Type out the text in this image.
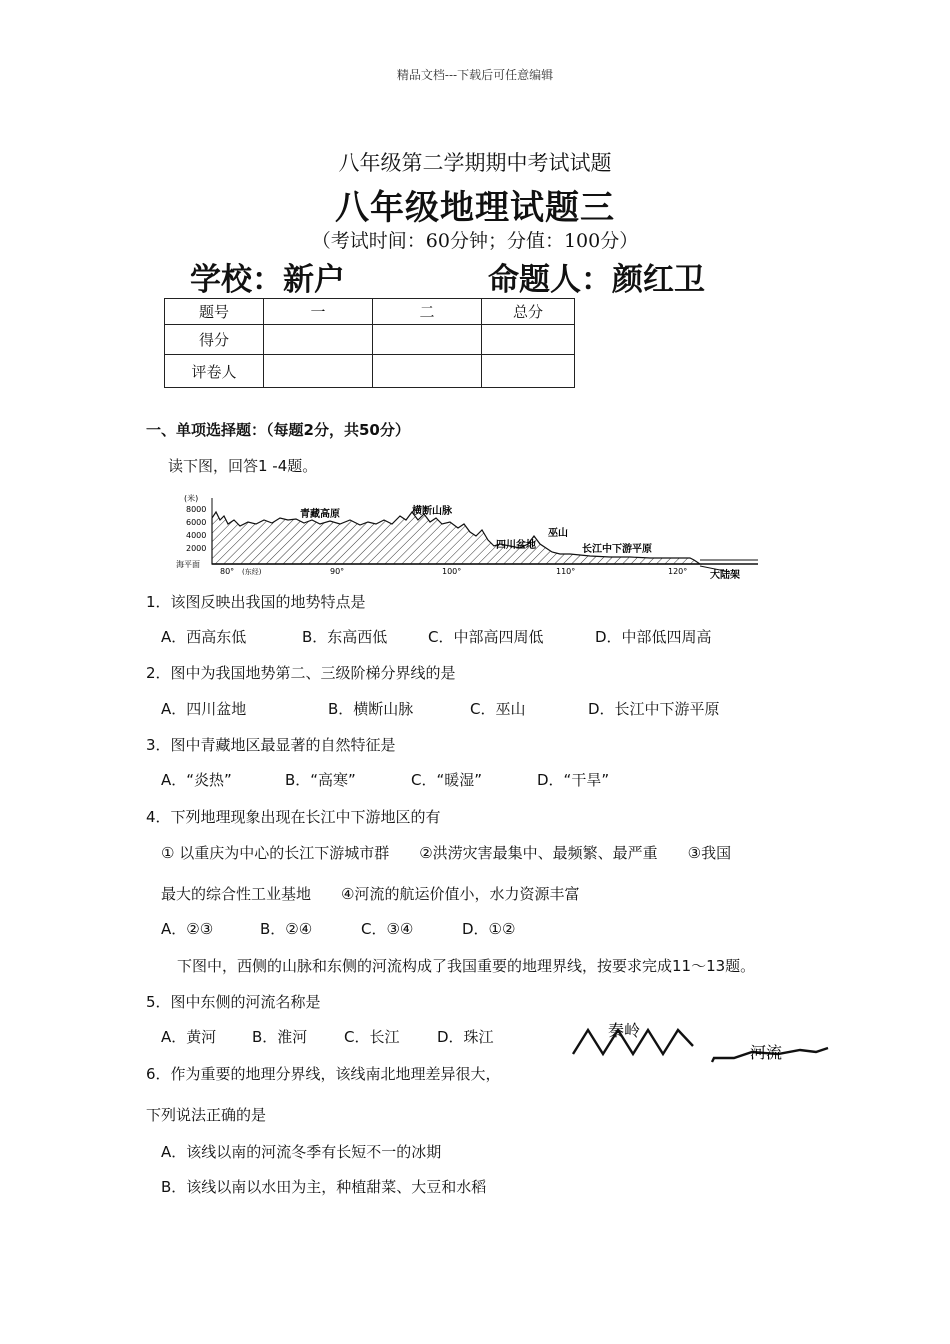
精品文档---下载后可任意编辑
八年级第二学期期中考试试题
八年级地理试题三
（考试时间：60分钟；分值：100分）
学校：新户	命题人：颜红卫
题号	一	二	总分
得分			
评卷人			
一、单项选择题：（每题2分，共50分）
读下图，回答1 -4题。
(米)
8000
6000
4000
2000
海平面
青藏高原	横断山脉
四川盆地
巫山
长江中下游平原
大陆架
80° (东经)	90°	100°	110°	120°
1．该图反映出我国的地势特点是
A．西高东低	B．东高西低	C．中部高四周低	D．中部低四周高
2．图中为我国地势第二、三级阶梯分界线的是
A．四川盆地	B．横断山脉	C．巫山	D．长江中下游平原
3．图中青藏地区最显著的自然特征是
A．“炎热”	B．“高寒”	C．“暖湿”	D．“干旱”
4．下列地理现象出现在长江中下游地区的有
① 以重庆为中心的长江下游城市群　　②洪涝灾害最集中、最频繁、最严重　　③我国
最大的综合性工业基地　　④河流的航运价值小，水力资源丰富
A．②③	B．②④	C．③④	D．①②
下图中，西侧的山脉和东侧的河流构成了我国重要的地理界线，按要求完成11～13题。
5．图中东侧的河流名称是
A．黄河 B．淮河 C．长江	D．珠江	秦岭
河流
6．作为重要的地理分界线，该线南北地理差异很大，
下列说法正确的是
A．该线以南的河流冬季有长短不一的冰期
B．该线以南以水田为主，种植甜菜、大豆和水稻
